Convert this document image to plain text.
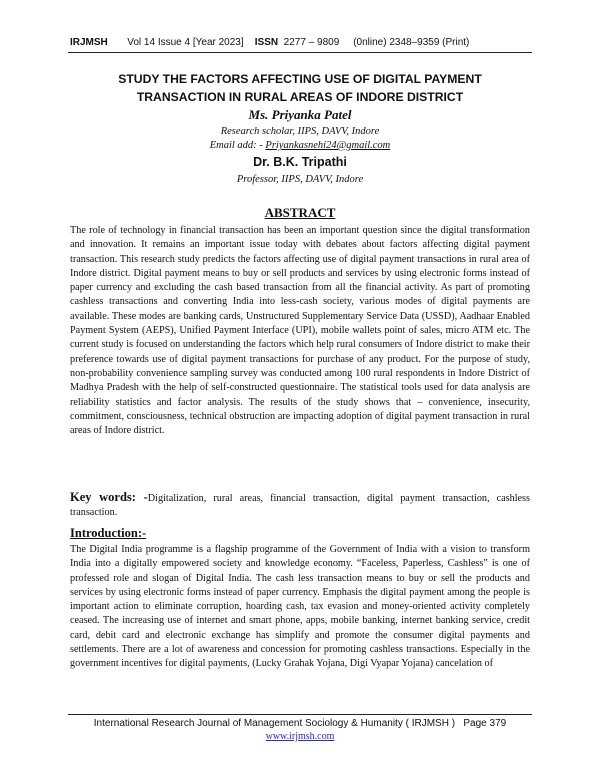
IRJMSH Vol 14 Issue 4 [Year 2023] ISSN 2277 – 9809 (0nline) 2348–9359 (Print)
STUDY THE FACTORS AFFECTING USE OF DIGITAL PAYMENT
TRANSACTION IN RURAL AREAS OF INDORE DISTRICT
Ms. Priyanka Patel
Research scholar, IIPS, DAVV, Indore
Email add: - Priyankasnehi24@gmail.com
Dr. B.K. Tripathi
Professor, IIPS, DAVV, Indore
ABSTRACT

The role of technology in financial transaction has been an important question since the digital transformation and innovation. It remains an important issue today with debates about factors affecting digital payment transaction. This research study predicts the factors affecting use of digital payment transactions in rural area of Indore district. Digital payment means to buy or sell products and services by using electronic forms instead of paper currency and excluding the cash based transaction from all the financial activity. As part of promoting cashless transactions and converting India into less-cash society, various modes of digital payments are available. These modes are banking cards, Unstructured Supplementary Service Data (USSD), Aadhaar Enabled Payment System (AEPS), Unified Payment Interface (UPI), mobile wallets point of sales, micro ATM etc. The current study is focused on understanding the factors which help rural consumers of Indore district to make their preference towards use of digital payment transactions for purchase of any product. For the purpose of study, non-probability convenience sampling survey was conducted among 100 rural respondents in Indore District of Madhya Pradesh with the help of self-constructed questionnaire. The statistical tools used for data analysis are reliability statistics and factor analysis. The results of the study shows that – convenience, insecurity, commitment, consciousness, technical obstruction are impacting adoption of digital payment transaction in rural areas of Indore district.

Key words: -Digitalization, rural areas, financial transaction, digital payment transaction, cashless transaction.

Introduction:-

The Digital India programme is a flagship programme of the Government of India with a vision to transform India into a digitally empowered society and knowledge economy. “Faceless, Paperless, Cashless” is one of professed role and slogan of Digital India. The cash less transaction means to buy or sell the products and services by using electronic forms instead of paper currency. Emphasis the digital payment among the people is important action to eliminate corruption, hoarding cash, tax evasion and money-oriented activity completely ceased. The increasing use of internet and smart phone, apps, mobile banking, internet banking service, credit card, debit card and electronic exchange has simplify and promote the consumer digital payments and settlements. There are a lot of awareness and concession for promoting cashless transactions. Especially in the government incentives for digital payments, (Lucky Grahak Yojana, Digi Vyapar Yojana) cancelation of

International Research Journal of Management Sociology & Humanity ( IRJMSH ) Page 379
www.irjmsh.com
